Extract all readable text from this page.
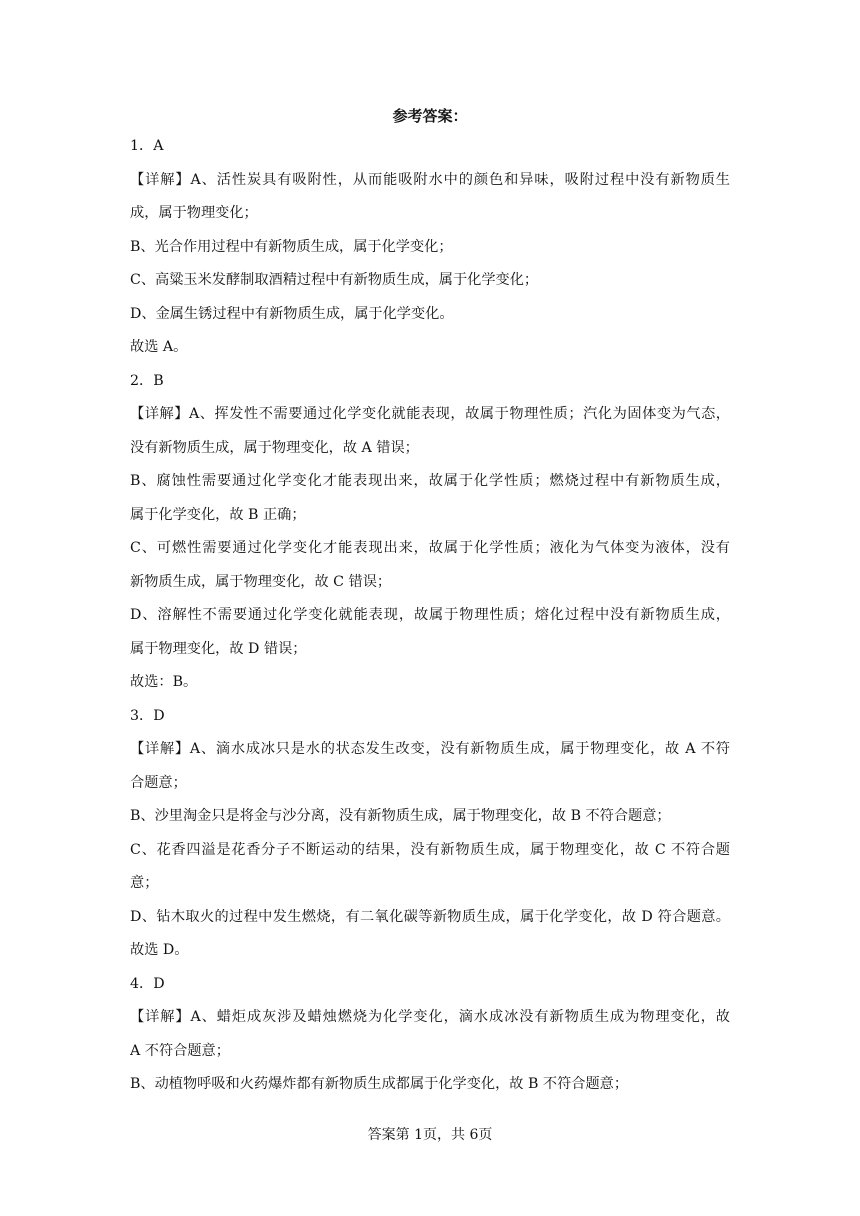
参考答案：
1．A
【详解】A、活性炭具有吸附性，从而能吸附水中的颜色和异味，吸附过程中没有新物质生
成，属于物理变化；
B、光合作用过程中有新物质生成，属于化学变化；
C、高粱玉米发酵制取酒精过程中有新物质生成，属于化学变化；
D、金属生锈过程中有新物质生成，属于化学变化。
故选 A。
2．B
【详解】A、挥发性不需要通过化学变化就能表现，故属于物理性质；汽化为固体变为气态，
没有新物质生成，属于物理变化，故 A 错误；
B、腐蚀性需要通过化学变化才能表现出来，故属于化学性质；燃烧过程中有新物质生成，
属于化学变化，故 B 正确；
C、可燃性需要通过化学变化才能表现出来，故属于化学性质；液化为气体变为液体，没有
新物质生成，属于物理变化，故 C 错误；
D、溶解性不需要通过化学变化就能表现，故属于物理性质；熔化过程中没有新物质生成，
属于物理变化，故 D 错误；
故选：B。
3．D
【详解】A、滴水成冰只是水的状态发生改变，没有新物质生成，属于物理变化，故 A 不符
合题意；
B、沙里淘金只是将金与沙分离，没有新物质生成，属于物理变化，故 B 不符合题意；
C、花香四溢是花香分子不断运动的结果，没有新物质生成，属于物理变化，故 C 不符合题
意；
D、钻木取火的过程中发生燃烧，有二氧化碳等新物质生成，属于化学变化，故 D 符合题意。
故选 D。
4．D
【详解】A、蜡炬成灰涉及蜡烛燃烧为化学变化，滴水成冰没有新物质生成为物理变化，故
A 不符合题意；
B、动植物呼吸和火药爆炸都有新物质生成都属于化学变化，故 B 不符合题意；
答案第 1页，共 6页
